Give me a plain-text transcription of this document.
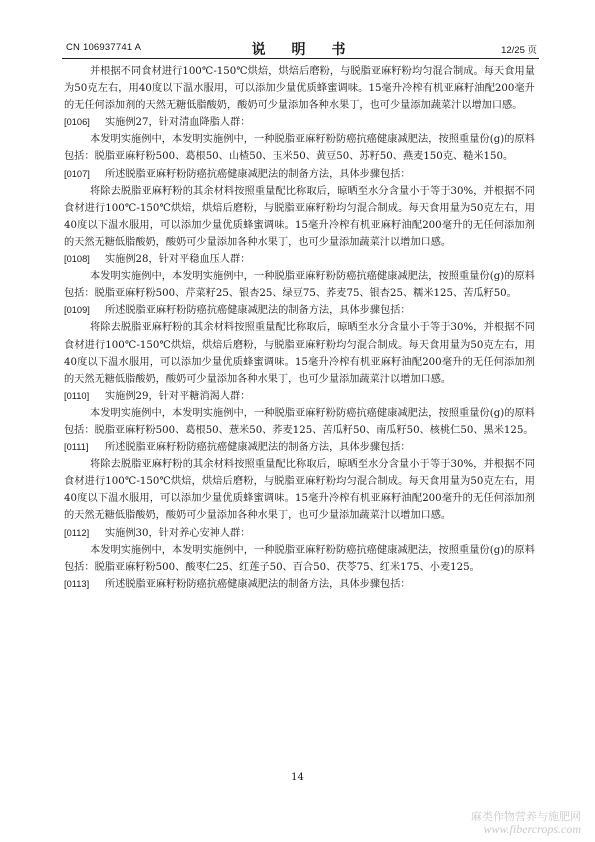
CN 106937741 A	说　明　书	12/25 页

并根据不同食材进行100℃-150℃烘焙，烘焙后磨粉，与脱脂亚麻籽粉均匀混合制成。每天食用量为50克左右，用40度以下温水服用，可以添加少量优质蜂蜜调味。15毫升冷榨有机亚麻籽油配200毫升的无任何添加剂的天然无糖低脂酸奶，酸奶可少量添加各种水果丁，也可少量添加蔬菜汁以增加口感。

[0106] 实施例27，针对清血降脂人群：

本发明实施例中，本发明实施例中，一种脱脂亚麻籽粉防癌抗癌健康减肥法，按照重量份(g)的原料包括：脱脂亚麻籽粉500、葛根50、山楂50、玉米50、黄豆50、苏籽50、燕麦150克、糙米150。

[0107] 所述脱脂亚麻籽粉防癌抗癌健康减肥法的制备方法，具体步骤包括：

将除去脱脂亚麻籽粉的其余材料按照重量配比称取后，晾晒至水分含量小于等于30%，并根据不同食材进行100℃-150℃烘焙，烘焙后磨粉，与脱脂亚麻籽粉均匀混合制成。每天食用量为50克左右，用40度以下温水服用，可以添加少量优质蜂蜜调味。15毫升冷榨有机亚麻籽油配200毫升的无任何添加剂的天然无糖低脂酸奶，酸奶可少量添加各种水果丁，也可少量添加蔬菜汁以增加口感。

[0108] 实施例28，针对平稳血压人群：

本发明实施例中，本发明实施例中，一种脱脂亚麻籽粉防癌抗癌健康减肥法，按照重量份(g)的原料包括：脱脂亚麻籽粉500、芹菜籽25、银杏25、绿豆75、荞麦75、银杏25、糯米125、苦瓜籽50。

[0109] 所述脱脂亚麻籽粉防癌抗癌健康减肥法的制备方法，具体步骤包括：

将除去脱脂亚麻籽粉的其余材料按照重量配比称取后，晾晒至水分含量小于等于30%，并根据不同食材进行100℃-150℃烘焙，烘焙后磨粉，与脱脂亚麻籽粉均匀混合制成。每天食用量为50克左右，用40度以下温水服用，可以添加少量优质蜂蜜调味。15毫升冷榨有机亚麻籽油配200毫升的无任何添加剂的天然无糖低脂酸奶，酸奶可少量添加各种水果丁，也可少量添加蔬菜汁以增加口感。

[0110] 实施例29，针对平糖消渴人群：

本发明实施例中，本发明实施例中，一种脱脂亚麻籽粉防癌抗癌健康减肥法，按照重量份(g)的原料包括：脱脂亚麻籽粉500、葛根50、薏米50、荞麦125、苦瓜籽50、南瓜籽50、核桃仁50、黑米125。

[0111] 所述脱脂亚麻籽粉防癌抗癌健康减肥法的制备方法，具体步骤包括：

将除去脱脂亚麻籽粉的其余材料按照重量配比称取后，晾晒至水分含量小于等于30%，并根据不同食材进行100℃-150℃烘焙，烘焙后磨粉，与脱脂亚麻籽粉均匀混合制成。每天食用量为50克左右，用40度以下温水服用，可以添加少量优质蜂蜜调味。15毫升冷榨有机亚麻籽油配200毫升的无任何添加剂的天然无糖低脂酸奶，酸奶可少量添加各种水果丁，也可少量添加蔬菜汁以增加口感。

[0112] 实施例30，针对养心安神人群：

本发明实施例中，本发明实施例中，一种脱脂亚麻籽粉防癌抗癌健康减肥法，按照重量份(g)的原料包括：脱脂亚麻籽粉500、酸枣仁25、红莲子50、百合50、茯苓75、红米175、小麦125。

[0113] 所述脱脂亚麻籽粉防癌抗癌健康减肥法的制备方法，具体步骤包括：

14
麻类作物营养与施肥网
www.fibercrops.com
